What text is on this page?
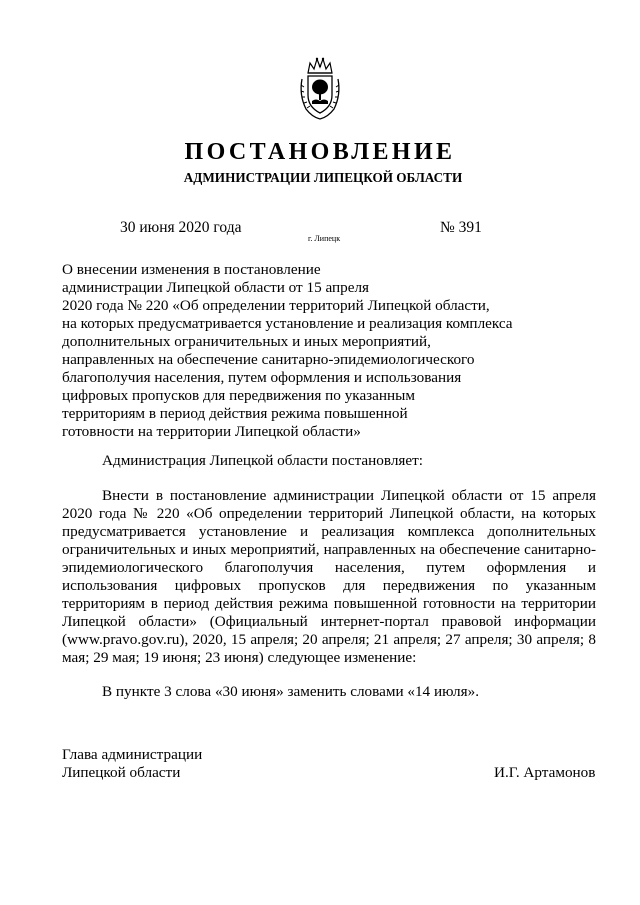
ПОСТАНОВЛЕНИЕ
АДМИНИСТРАЦИИ ЛИПЕЦКОЙ ОБЛАСТИ
30 июня 2020 года
г. Липецк
№ 391
О внесении изменения в постановление
администрации Липецкой области от 15 апреля
2020 года № 220 «Об определении территорий Липецкой области,
на которых предусматривается установление и реализация комплекса
дополнительных ограничительных и иных мероприятий,
направленных на обеспечение санитарно-эпидемиологического
благополучия населения, путем оформления и использования
цифровых пропусков для передвижения по указанным
территориям в период действия режима повышенной
готовности на территории Липецкой области»
Администрация Липецкой области постановляет:

Внести в постановление администрации Липецкой области от 15 апреля 2020 года № 220 «Об определении территорий Липецкой области, на которых предусматривается установление и реализация комплекса дополнительных ограничительных и иных мероприятий, направленных на обеспечение санитарно-эпидемиологического благополучия населения, путем оформления и использования цифровых пропусков для передвижения по указанным территориям в период действия режима повышенной готовности на территории Липецкой области» (Официальный интернет-портал правовой информации (www.pravo.gov.ru), 2020, 15 апреля; 20 апреля; 21 апреля; 27 апреля; 30 апреля; 8 мая; 29 мая; 19 июня; 23 июня) следующее изменение:

В пункте 3 слова «30 июня» заменить словами «14 июля».
Глава администрации
Липецкой области	И.Г. Артамонов
